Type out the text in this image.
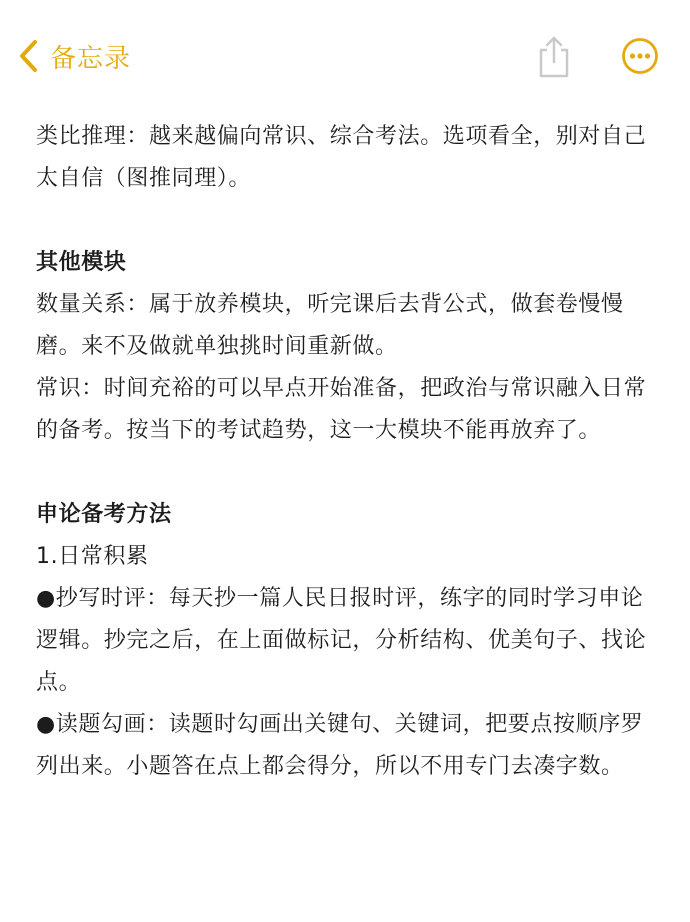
备忘录

类比推理：越来越偏向常识、综合考法。选项看全，别对自己太自信（图推同理）。

其他模块

数量关系：属于放养模块，听完课后去背公式，做套卷慢慢磨。来不及做就单独挑时间重新做。

常识：时间充裕的可以早点开始准备，把政治与常识融入日常的备考。按当下的考试趋势，这一大模块不能再放弃了。

申论备考方法

1.日常积累

●抄写时评：每天抄一篇人民日报时评，练字的同时学习申论逻辑。抄完之后，在上面做标记，分析结构、优美句子、找论点。

●读题勾画：读题时勾画出关键句、关键词，把要点按顺序罗列出来。小题答在点上都会得分，所以不用专门去凑字数。
